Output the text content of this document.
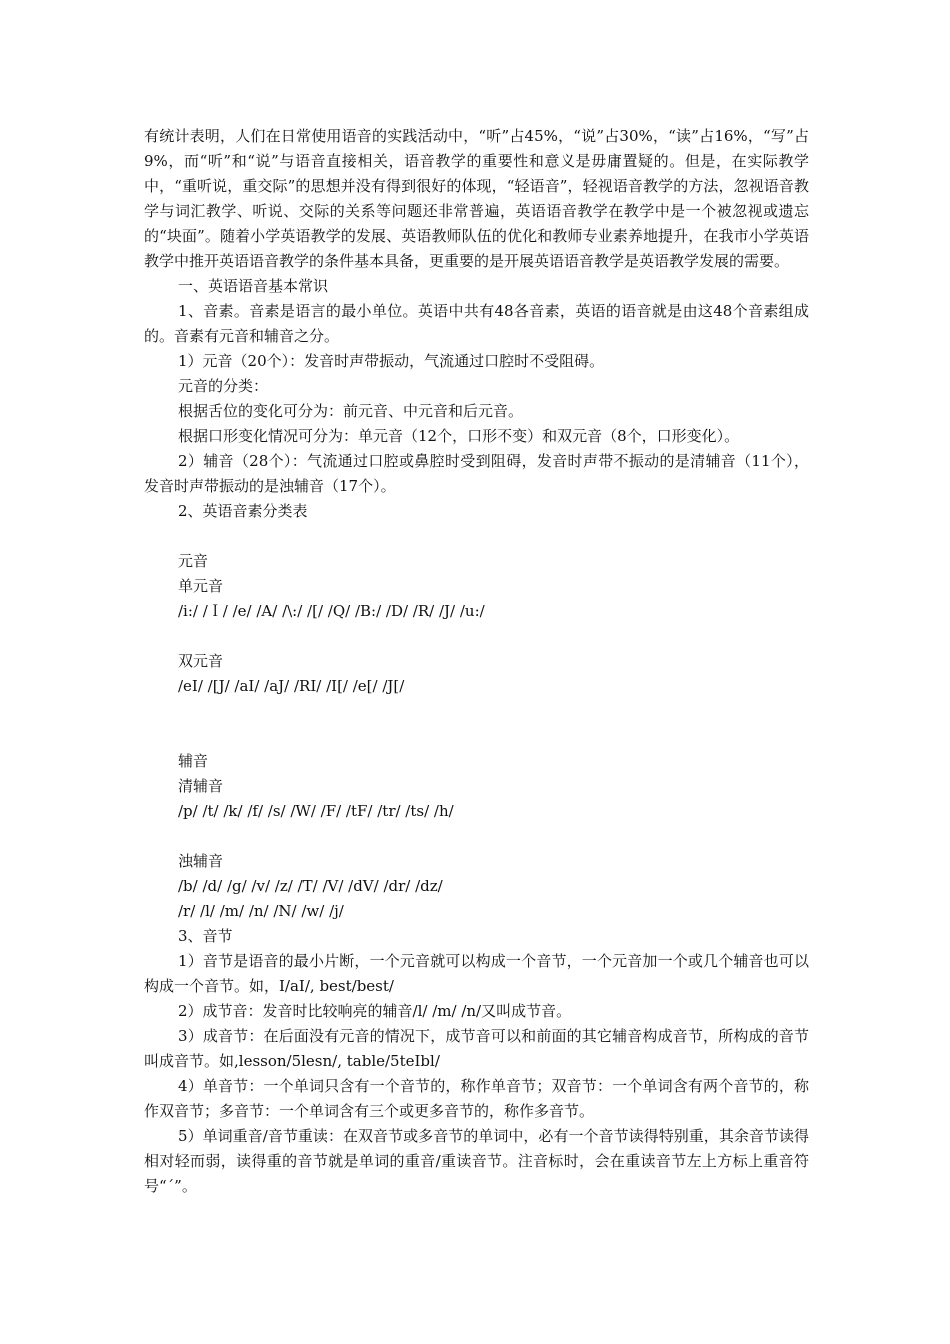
有统计表明，人们在日常使用语音的实践活动中，“听”占45%，“说”占30%，“读”占16%，“写”占9%，而“听”和“说”与语音直接相关，语音教学的重要性和意义是毋庸置疑的。但是，在实际教学中，“重听说，重交际”的思想并没有得到很好的体现，“轻语音”，轻视语音教学的方法，忽视语音教学与词汇教学、听说、交际的关系等问题还非常普遍，英语语音教学在教学中是一个被忽视或遗忘的“块面”。随着小学英语教学的发展、英语教师队伍的优化和教师专业素养地提升，在我市小学英语教学中推开英语语音教学的条件基本具备，更重要的是开展英语语音教学是英语教学发展的需要。

一、英语语音基本常识

1、音素。音素是语言的最小单位。英语中共有48各音素，英语的语音就是由这48个音素组成的。音素有元音和辅音之分。

1）元音（20个）：发音时声带振动，气流通过口腔时不受阻碍。

元音的分类：

根据舌位的变化可分为：前元音、中元音和后元音。

根据口形变化情况可分为：单元音（12个，口形不变）和双元音（8个，口形变化）。

2）辅音（28个）：气流通过口腔或鼻腔时受到阻碍，发音时声带不振动的是清辅音（11个），发音时声带振动的是浊辅音（17个）。

2、英语音素分类表

元音

单元音

/i:/ /Ｉ/ /e/ /A/ /\:/ /[/ /Q/ /B:/ /D/ /R/ /J/ /u:/

双元音

/eI/ /[J/ /aI/ /aJ/ /RI/ /I[/ /e[/ /J[/

辅音

清辅音

/p/ /t/ /k/ /f/ /s/ /W/ /F/ /tF/ /tr/ /ts/ /h/

浊辅音

/b/ /d/ /g/ /v/ /z/ /T/ /V/ /dV/ /dr/ /dz/

/r/ /l/ /m/ /n/ /N/ /w/ /j/

3、音节

1）音节是语音的最小片断，一个元音就可以构成一个音节，一个元音加一个或几个辅音也可以构成一个音节。如，I/aI/, best/best/

2）成节音：发音时比较响亮的辅音/l/ /m/ /n/又叫成节音。

3）成音节：在后面没有元音的情况下，成节音可以和前面的其它辅音构成音节，所构成的音节叫成音节。如,lesson/5lesn/, table/5teIbl/

4）单音节：一个单词只含有一个音节的，称作单音节；双音节：一个单词含有两个音节的，称作双音节；多音节：一个单词含有三个或更多音节的，称作多音节。

5）单词重音/音节重读：在双音节或多音节的单词中，必有一个音节读得特别重，其余音节读得相对轻而弱，读得重的音节就是单词的重音/重读音节。注音标时，会在重读音节左上方标上重音符号“ˊ”。
